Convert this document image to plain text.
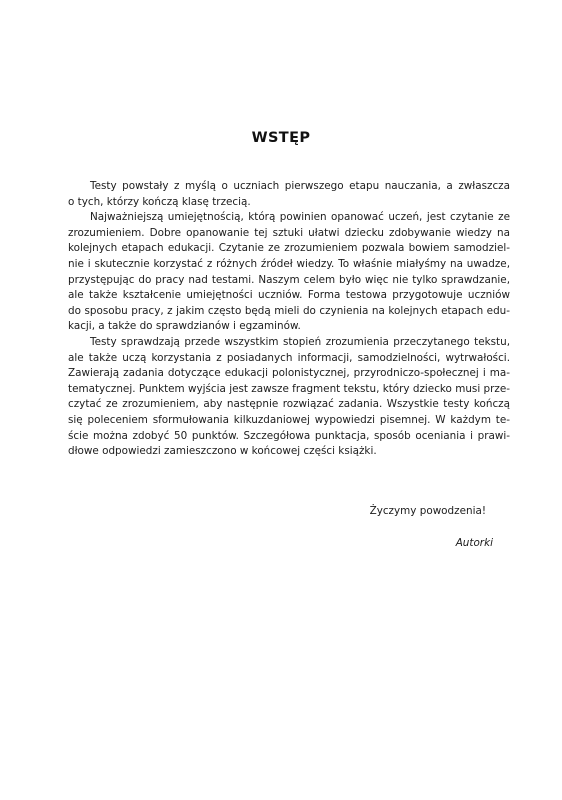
WSTĘP
Testy powstały z myślą o uczniach pierwszego etapu nauczania, a zwłaszcza
o tych, którzy kończą klasę trzecią.
Najważniejszą umiejętnością, którą powinien opanować uczeń, jest czytanie ze
zrozumieniem. Dobre opanowanie tej sztuki ułatwi dziecku zdobywanie wiedzy na
kolejnych etapach edukacji. Czytanie ze zrozumieniem pozwala bowiem samodziel-
nie i skutecznie korzystać z różnych źródeł wiedzy. To właśnie miałyśmy na uwadze,
przystępując do pracy nad testami. Naszym celem było więc nie tylko sprawdzanie,
ale także kształcenie umiejętności uczniów. Forma testowa przygotowuje uczniów
do sposobu pracy, z jakim często będą mieli do czynienia na kolejnych etapach edu-
kacji, a także do sprawdzianów i egzaminów.
Testy sprawdzają przede wszystkim stopień zrozumienia przeczytanego tekstu,
ale także uczą korzystania z posiadanych informacji, samodzielności, wytrwałości.
Zawierają zadania dotyczące edukacji polonistycznej, przyrodniczo-społecznej i ma-
tematycznej. Punktem wyjścia jest zawsze fragment tekstu, który dziecko musi prze-
czytać ze zrozumieniem, aby następnie rozwiązać zadania. Wszystkie testy kończą
się poleceniem sformułowania kilkuzdaniowej wypowiedzi pisemnej. W każdym te-
ście można zdobyć 50 punktów. Szczegółowa punktacja, sposób oceniania i prawi-
dłowe odpowiedzi zamieszczono w końcowej części książki.
Życzymy powodzenia!
Autorki
